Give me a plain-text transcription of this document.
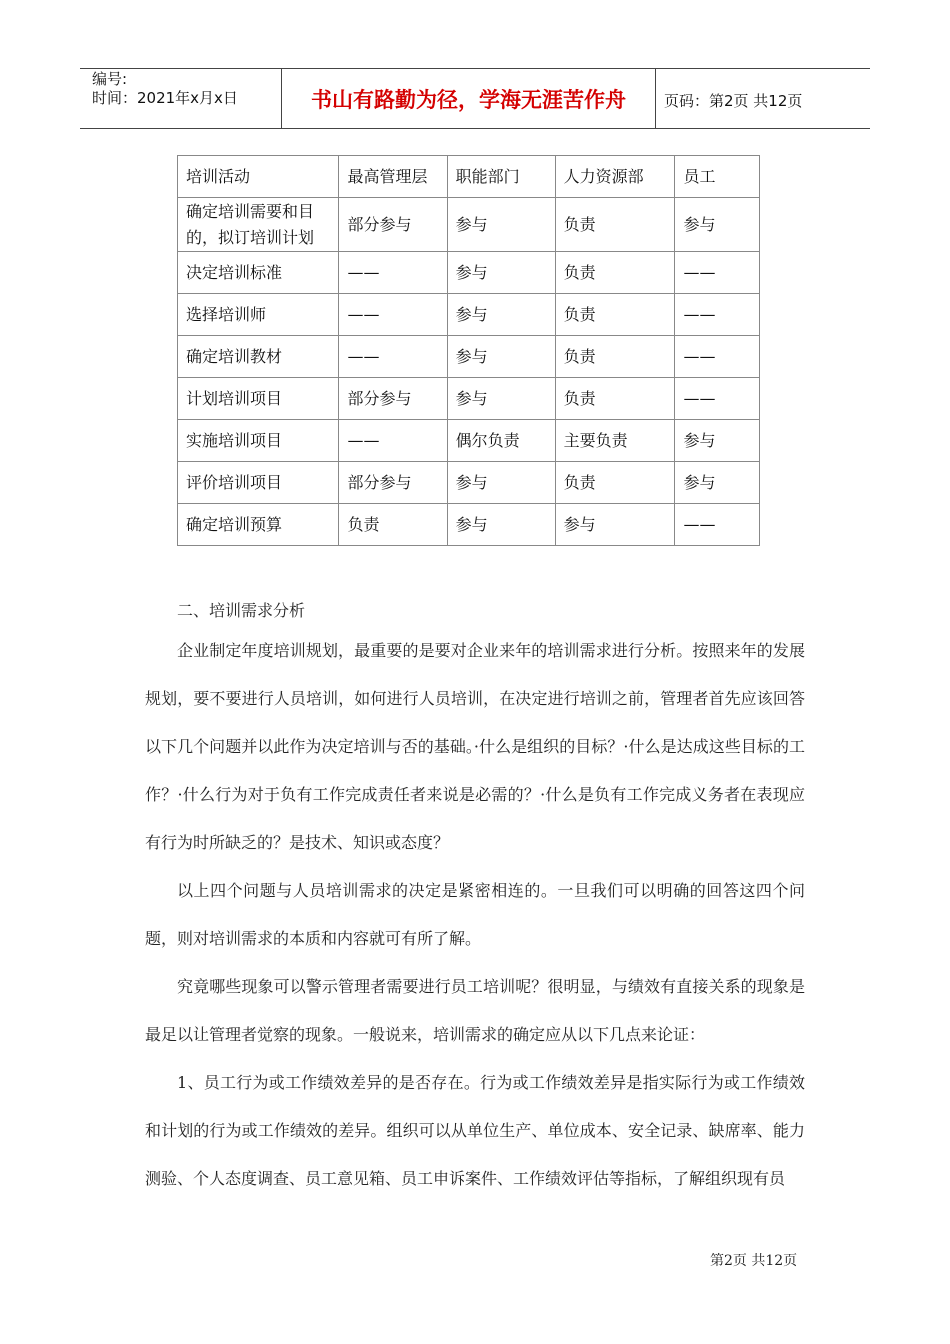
编号:
时间：2021年x月x日	书山有路勤为径，学海无涯苦作舟	页码：第2页 共12页
培训活动	最高管理层	职能部门	人力资源部	员工
确定培训需要和目的，拟订培训计划	部分参与	参与	负责	参与
决定培训标准	——	参与	负责	——
选择培训师	——	参与	负责	——
确定培训教材	——	参与	负责	——
计划培训项目	部分参与	参与	负责	——
实施培训项目	——	偶尔负责	主要负责	参与
评价培训项目	部分参与	参与	负责	参与
确定培训预算	负责	参与	参与	——
二、培训需求分析

企业制定年度培训规划，最重要的是要对企业来年的培训需求进行分析。按照来年的发展规划，要不要进行人员培训，如何进行人员培训，在决定进行培训之前，管理者首先应该回答以下几个问题并以此作为决定培训与否的基础。·什么是组织的目标？·什么是达成这些目标的工作？·什么行为对于负有工作完成责任者来说是必需的？·什么是负有工作完成义务者在表现应有行为时所缺乏的？是技术、知识或态度？

以上四个问题与人员培训需求的决定是紧密相连的。一旦我们可以明确的回答这四个问题，则对培训需求的本质和内容就可有所了解。

究竟哪些现象可以警示管理者需要进行员工培训呢？很明显，与绩效有直接关系的现象是最足以让管理者觉察的现象。一般说来，培训需求的确定应从以下几点来论证：

1、员工行为或工作绩效差异的是否存在。行为或工作绩效差异是指实际行为或工作绩效和计划的行为或工作绩效的差异。组织可以从单位生产、单位成本、安全记录、缺席率、能力测验、个人态度调查、员工意见箱、员工申诉案件、工作绩效评估等指标，了解组织现有员

第2页 共12页
